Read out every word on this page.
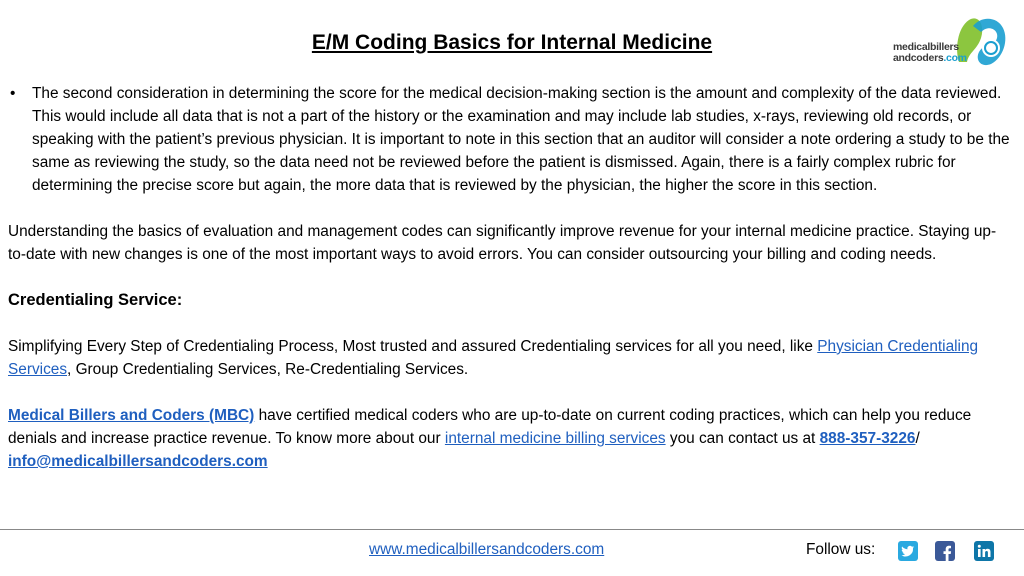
E/M Coding Basics for Internal Medicine	medicalbillers
andcoders.com
• The second consideration in determining the score for the medical decision-making section is the amount and complexity of the data reviewed. This would include all data that is not a part of the history or the examination and may include lab studies, x-rays, reviewing old records, or speaking with the patient’s previous physician. It is important to note in this section that an auditor will consider a note ordering a study to be the same as reviewing the study, so the data need not be reviewed before the patient is dismissed. Again, there is a fairly complex rubric for determining the precise score but again, the more data that is reviewed by the physician, the higher the score in this section.

Understanding the basics of evaluation and management codes can significantly improve revenue for your internal medicine practice. Staying up-to-date with new changes is one of the most important ways to avoid errors. You can consider outsourcing your billing and coding needs.

Credentialing Service:

Simplifying Every Step of Credentialing Process, Most trusted and assured Credentialing services for all you need, like Physician Credentialing Services, Group Credentialing Services, Re-Credentialing Services.

Medical Billers and Coders (MBC) have certified medical coders who are up-to-date on current coding practices, which can help you reduce denials and increase practice revenue. To know more about our internal medicine billing services you can contact us at 888-357-3226/ info@medicalbillersandcoders.com

www.medicalbillersandcoders.com	Follow us:
